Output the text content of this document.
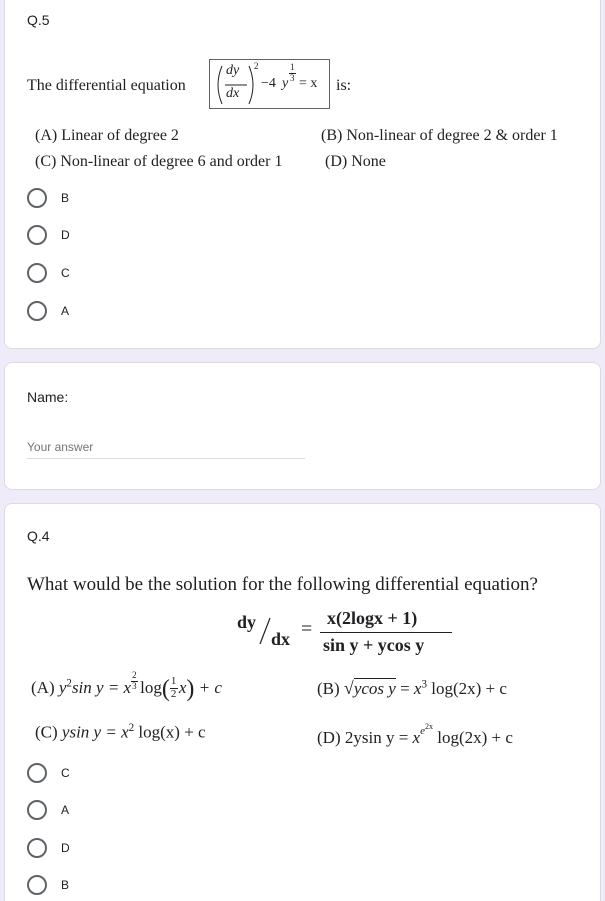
Q.5
The differential equation
dy
dx
2
−4 y
1
3 = x is:
(A) Linear of degree 2	(B) Non-linear of degree 2 & order 1
(C) Non-linear of degree 6 and order 1	(D) None
B
D
C
A
Name:
Your answer
Q.4
What would be the solution for the following differential equation?
dy
dx = x(2logx + 1)
sin y + ycos y
(A) $y^2\sin$ y = x $\frac{2}{3} \log( \frac{1}{2} x) + c$	(B) √ycos $y = x^3$ log(2x) + c
(C) ysin $y = x^2$ log(x) + c	(D) 2ysin $y = x^{e2x}$ log(2x) + c
C
A
D
B
